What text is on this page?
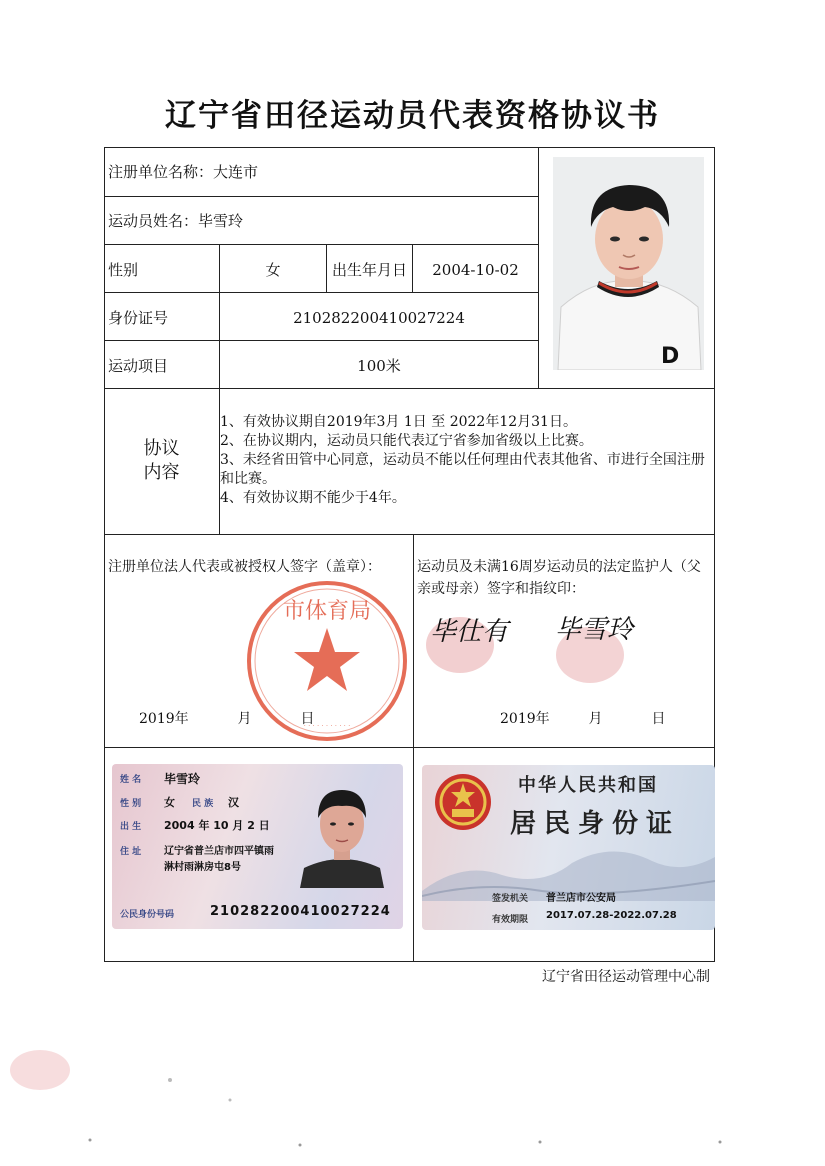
辽宁省田径运动员代表资格协议书
注册单位名称： 大连市
运动员姓名： 毕雪玲
性别	女	出生年月日	2004-10-02
身份证号	210282200410027224
运动项目	100米	D
协议
内容
1、有效协议期自2019年3月 1日 至 2022年12月31日。
2、在协议期内，运动员只能代表辽宁省参加省级以上比赛。
3、未经省田管中心同意，运动员不能以任何理由代表其他省、市进行全国注册和比赛。
4、有效协议期不能少于4年。
注册单位法人代表或被授权人签字（盖章）：
市体育局
· · · · · · · · · · ·
2019年	月	日
运动员及未满16周岁运动员的法定监护人（父亲或母亲）签字和指纹印：
毕仕有 毕雪玲
2019年	月	日
姓 名 毕雪玲
性 别 女 民 族 汉
出 生 2004 年 10 月 2 日
住 址 辽宁省普兰店市四平镇雨
淋村雨淋房屯8号
公民身份号码	210282200410027224
中华人民共和国
居民身份证
签发机关 普兰店市公安局
有效期限 2017.07.28-2022.07.28
辽宁省田径运动管理中心制
